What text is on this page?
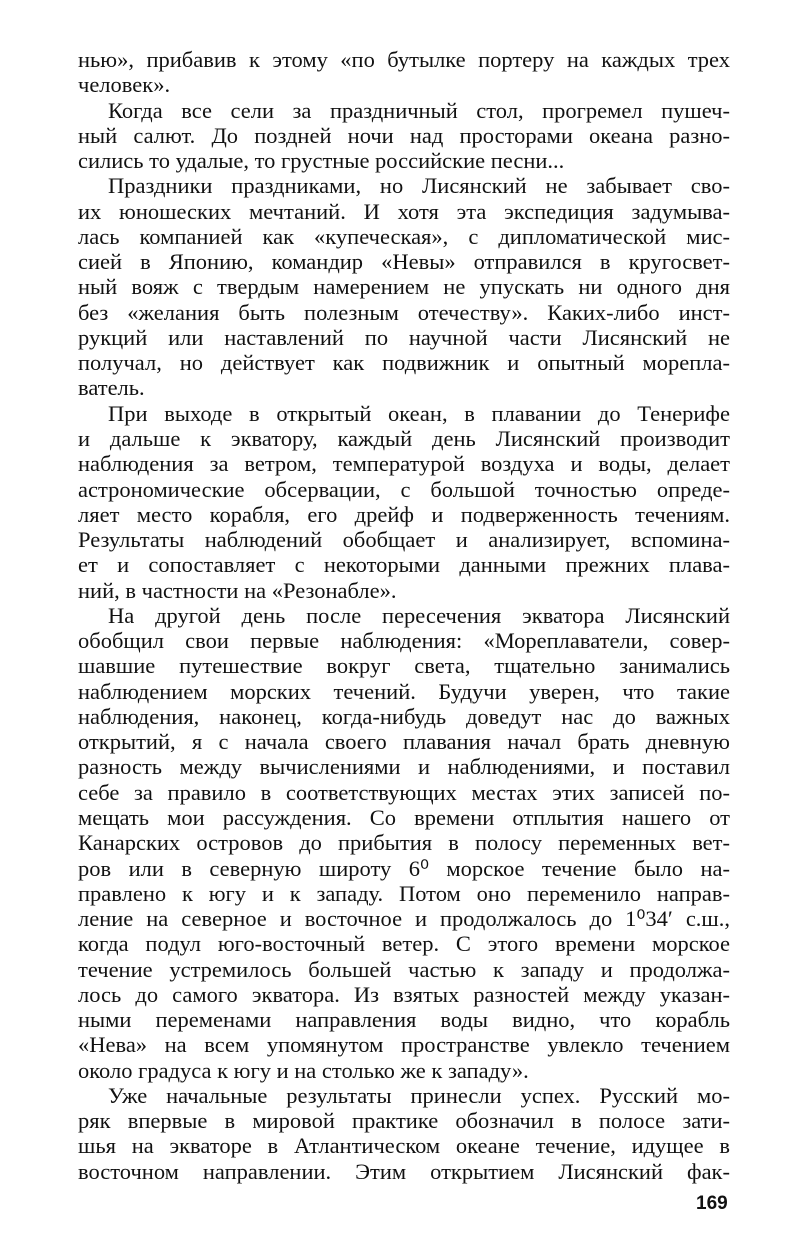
нью», прибавив к этому «по бутылке портеру на каждых трех
человек».
Когда все сели за праздничный стол, прогремел пушеч-
ный салют. До поздней ночи над просторами океана разно-
сились то удалые, то грустные российские песни...
Праздники праздниками, но Лисянский не забывает сво-
их юношеских мечтаний. И хотя эта экспедиция задумыва-
лась компанией как «купеческая», с дипломатической мис-
сией в Японию, командир «Невы» отправился в кругосвет-
ный вояж с твердым намерением не упускать ни одного дня
без «желания быть полезным отечеству». Каких-либо инст-
рукций или наставлений по научной части Лисянский не
получал, но действует как подвижник и опытный морепла-
ватель.
При выходе в открытый океан, в плавании до Тенерифе
и дальше к экватору, каждый день Лисянский производит
наблюдения за ветром, температурой воздуха и воды, делает
астрономические обсервации, с большой точностью опреде-
ляет место корабля, его дрейф и подверженность течениям.
Результаты наблюдений обобщает и анализирует, вспомина-
ет и сопоставляет с некоторыми данными прежних плава-
ний, в частности на «Резонабле».
На другой день после пересечения экватора Лисянский
обобщил свои первые наблюдения: «Мореплаватели, совер-
шавшие путешествие вокруг света, тщательно занимались
наблюдением морских течений. Будучи уверен, что такие
наблюдения, наконец, когда-нибудь доведут нас до важных
открытий, я с начала своего плавания начал брать дневную
разность между вычислениями и наблюдениями, и поставил
себе за правило в соответствующих местах этих записей по-
мещать мои рассуждения. Со времени отплытия нашего от
Канарских островов до прибытия в полосу переменных вет-
ров или в северную широту 6⁰ морское течение было на-
правлено к югу и к западу. Потом оно переменило направ-
ление на северное и восточное и продолжалось до 1⁰34′ с.ш.,
когда подул юго-восточный ветер. С этого времени морское
течение устремилось большей частью к западу и продолжа-
лось до самого экватора. Из взятых разностей между указан-
ными переменами направления воды видно, что корабль
«Нева» на всем упомянутом пространстве увлекло течением
около градуса к югу и на столько же к западу».
Уже начальные результаты принесли успех. Русский мо-
ряк впервые в мировой практике обозначил в полосе зати-
шья на экваторе в Атлантическом океане течение, идущее в
восточном направлении. Этим открытием Лисянский фак-
169
